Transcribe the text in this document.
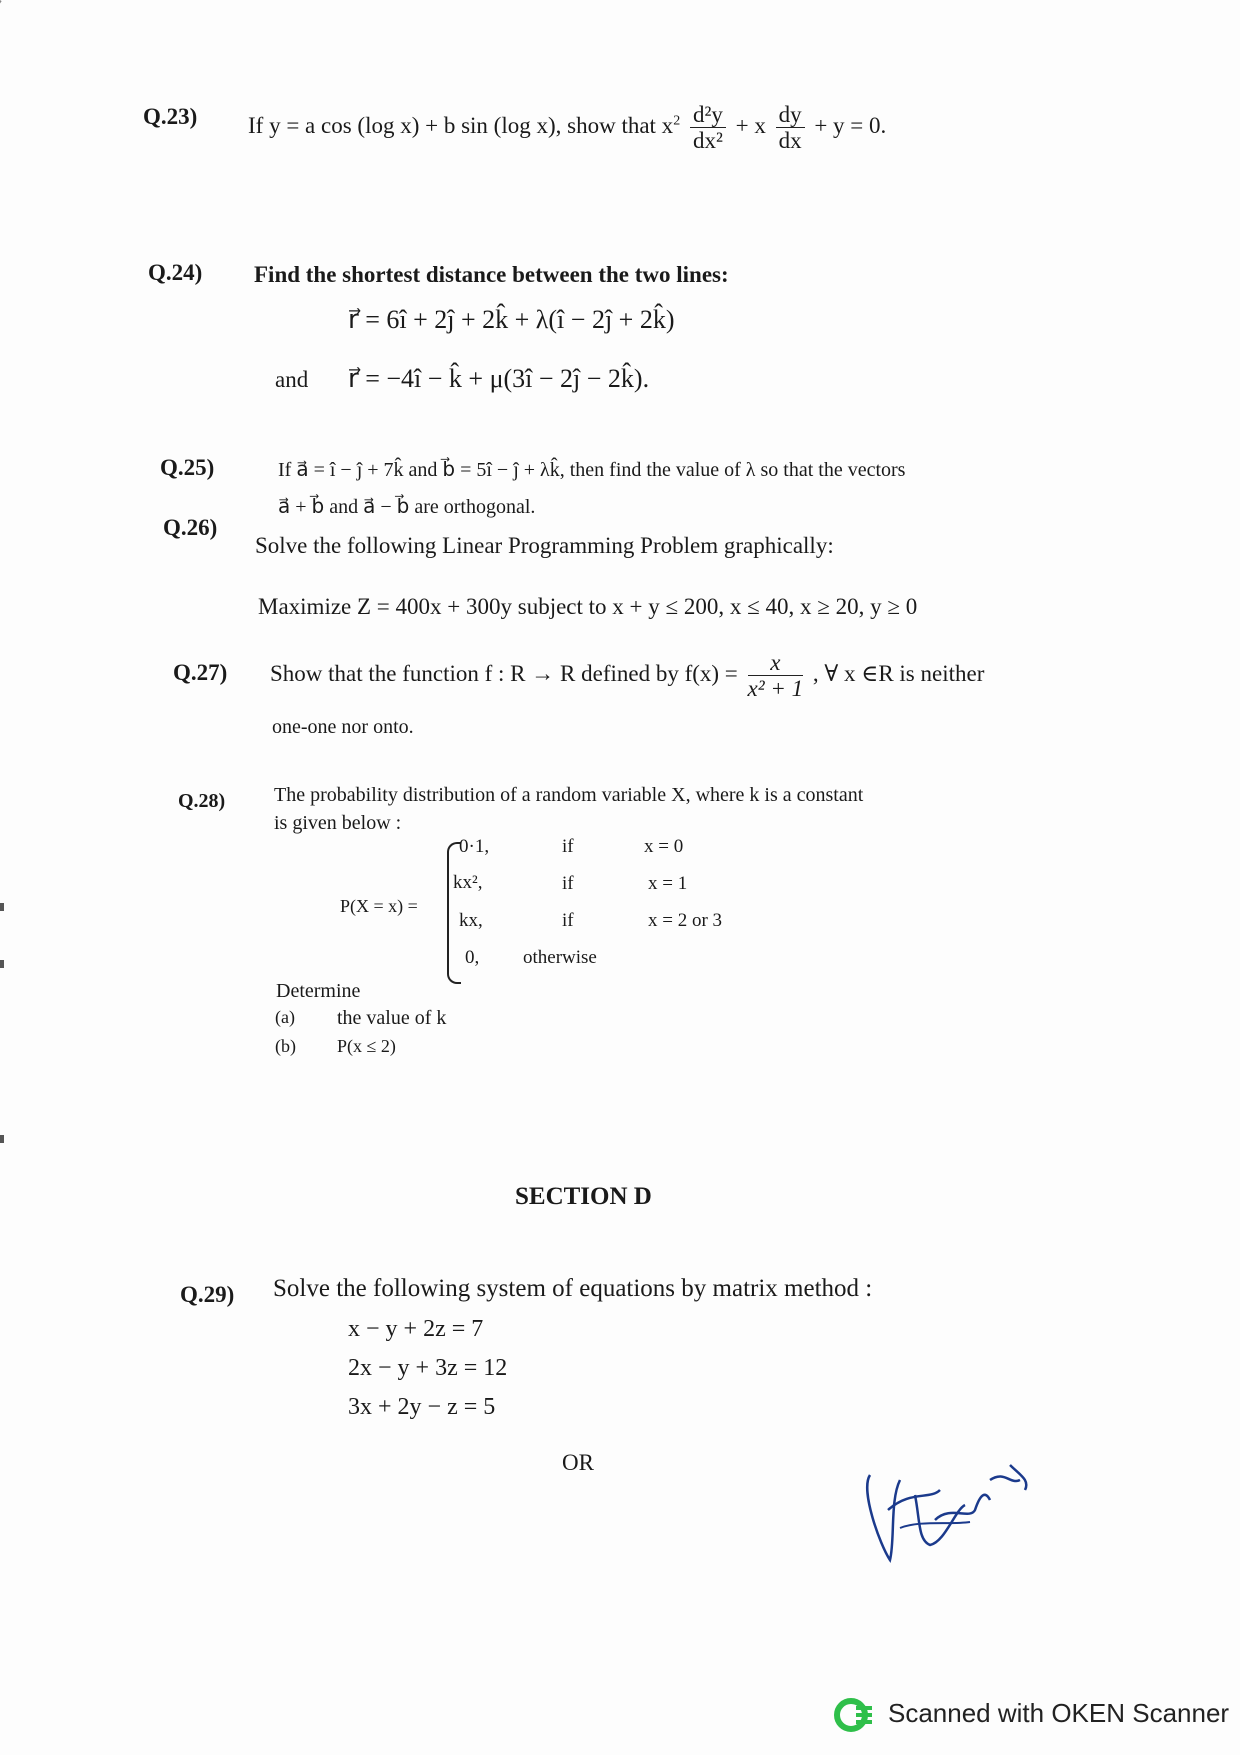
Q.23) If y = a cos (log x) + b sin (log x), show that $x^2 \frac{\text{d²y}}{\text{dx²}} + x \frac{dy}{dx} + y = 0$.
Q.24) Find the shortest distance between the two lines:
r⃗ = 6î + 2ĵ + 2k̂ + λ(î − 2ĵ + 2k̂)
and r⃗ = −4î − k̂ + μ(3î − 2ĵ − 2k̂).
Q.25)	If a⃗ = î − ĵ + 7k̂ and b⃗ = 5î − ĵ + λk̂, then find the value of λ so that the vectors
a⃗ + b⃗ and a⃗ − b⃗ are orthogonal.
Q.26)
Solve the following Linear Programming Problem graphically:
Maximize Z = 400x + 300y subject to x + y ≤ 200, x ≤ 40, x ≥ 20, y ≥ 0
Q.27) Show that the function f : R → R defined by $f(x) = \frac{x}{\text{x² + 1}}$ , ∀ x ∈R is neither
one-one nor onto.
Q.28) The probability distribution of a random variable X, where k is a constant
is given below :
P(X = x) =
0·1,	if	x = 0
kx²,	if	x = 1
kx,	if	x = 2 or 3
0, otherwise
Determine
(a) the value of k
(b) P(x ≤ 2)
SECTION D
Q.29) Solve the following system of equations by matrix method :
x − y + 2z = 7
2x − y + 3z = 12
3x + 2y − z = 5
OR
Scanned with OKEN Scanner
